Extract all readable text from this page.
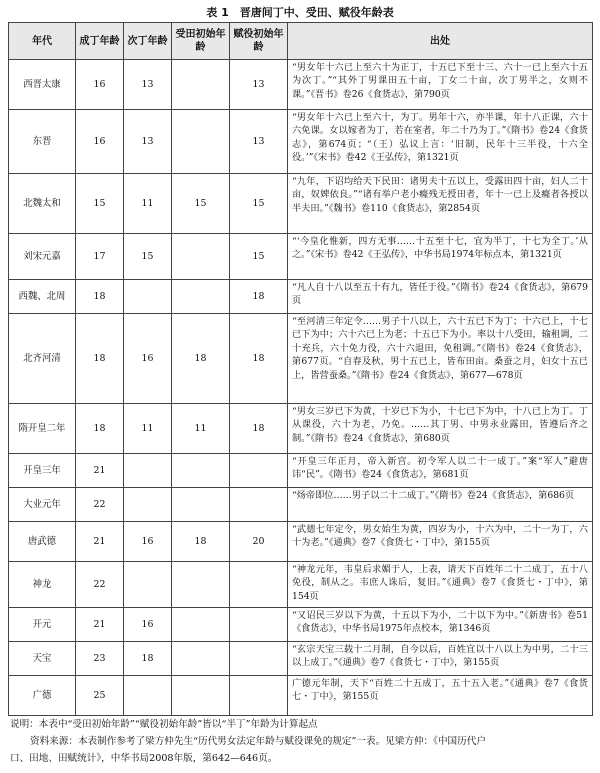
表 1　晋唐间丁中、受田、赋役年龄表
年代	成丁年龄	次丁年龄	受田初始年龄	赋役初始年龄	出处
西晋太康	16	13		13	“男女年十六已上至六十为正丁，十五已下至十三、六十一已上至六十五为次丁。”“其外丁男课田五十亩，丁女二十亩，次丁男半之，女则不课。”《晋书》卷26《食货志》，第790页
东晋	16	13		13	“男女年十六已上至六十，为丁。男年十六，亦半课，年十八正课，六十六免课。女以嫁者为丁，若在室者，年二十乃为丁。”《隋书》卷24《食货志》，第674页；“（王）弘议上言：‘旧制，民年十三半役，十六全役。’”《宋书》卷42《王弘传》，第1321页
北魏太和	15	11	15	15	“九年，下诏均给天下民田：诸男夫十五以上，受露田四十亩，妇人二十亩，奴婢依良。”“诸有举户老小癃残无授田者，年十一已上及癃者各授以半夫田。”《魏书》卷110《食货志》，第2854页
刘宋元嘉	17	15		15	“‘今皇化惟新，四方无事……十五至十七，宜为半丁，十七为全丁。’从之。”《宋书》卷42《王弘传》，中华书局1974年标点本，第1321页
西魏、北周	18			18	“凡人自十八以至五十有九，皆任于役。”《隋书》卷24《食货志》，第679页
北齐河清	18	16	18	18	“至河清三年定令……男子十八以上，六十五已下为丁；十六已上，十七已下为中；六十六已上为老；十五已下为小。率以十八受田，输租调，二十充兵，六十免力役，六十六退田，免租调。”《隋书》卷24《食货志》，第677页。“自春及秋，男十五已上，皆布田亩。桑蚕之月，妇女十五已上，皆营蚕桑。”《隋书》卷24《食货志》，第677—678页
隋开皇二年	18	11	11	18	“男女三岁已下为黄，十岁已下为小，十七已下为中，十八已上为丁。丁从课役，六十为老，乃免。……其丁男、中男永业露田，皆遵后齐之制。”《隋书》卷24《食货志》，第680页
开皇三年	21				“开皇三年正月，帝入新宫。初令军人以二十一成丁。”案“军人”避唐讳“民”。《隋书》卷24《食货志》，第681页
大业元年	22				“炀帝即位……男子以二十二成丁。”《隋书》卷24《食货志》，第686页
唐武德	21	16	18	20	“武德七年定令，男女始生为黄，四岁为小，十六为中，二十一为丁，六十为老。”《通典》卷7《食货七・丁中》，第155页
神龙	22				“神龙元年，韦皇后求媚于人，上表，请天下百姓年二十二成丁，五十八免役，制从之。韦庶人诛后，复旧。”《通典》卷7《食货七・丁中》，第154页
开元	21	16			“又诏民三岁以下为黄，十五以下为小，二十以下为中。”《新唐书》卷51《食货志》，中华书局1975年点校本，第1346页
天宝	23	18			“玄宗天宝三载十二月制，自今以后，百姓宜以十八以上为中男，二十三以上成丁。”《通典》卷7《食货七・丁中》，第155页
广德	25				广德元年制，天下“百姓二十五成丁，五十五入老。”《通典》卷7《食货七・丁中》，第155页

说明：本表中“受田初始年龄”“赋役初始年龄”皆以“半丁”年龄为计算起点

资料来源：本表制作参考了梁方仲先生“历代男女法定年龄与赋役课免的规定”一表。见梁方仲：《中国历代户

口、田地、田赋统计》，中华书局2008年版，第642—646页。
